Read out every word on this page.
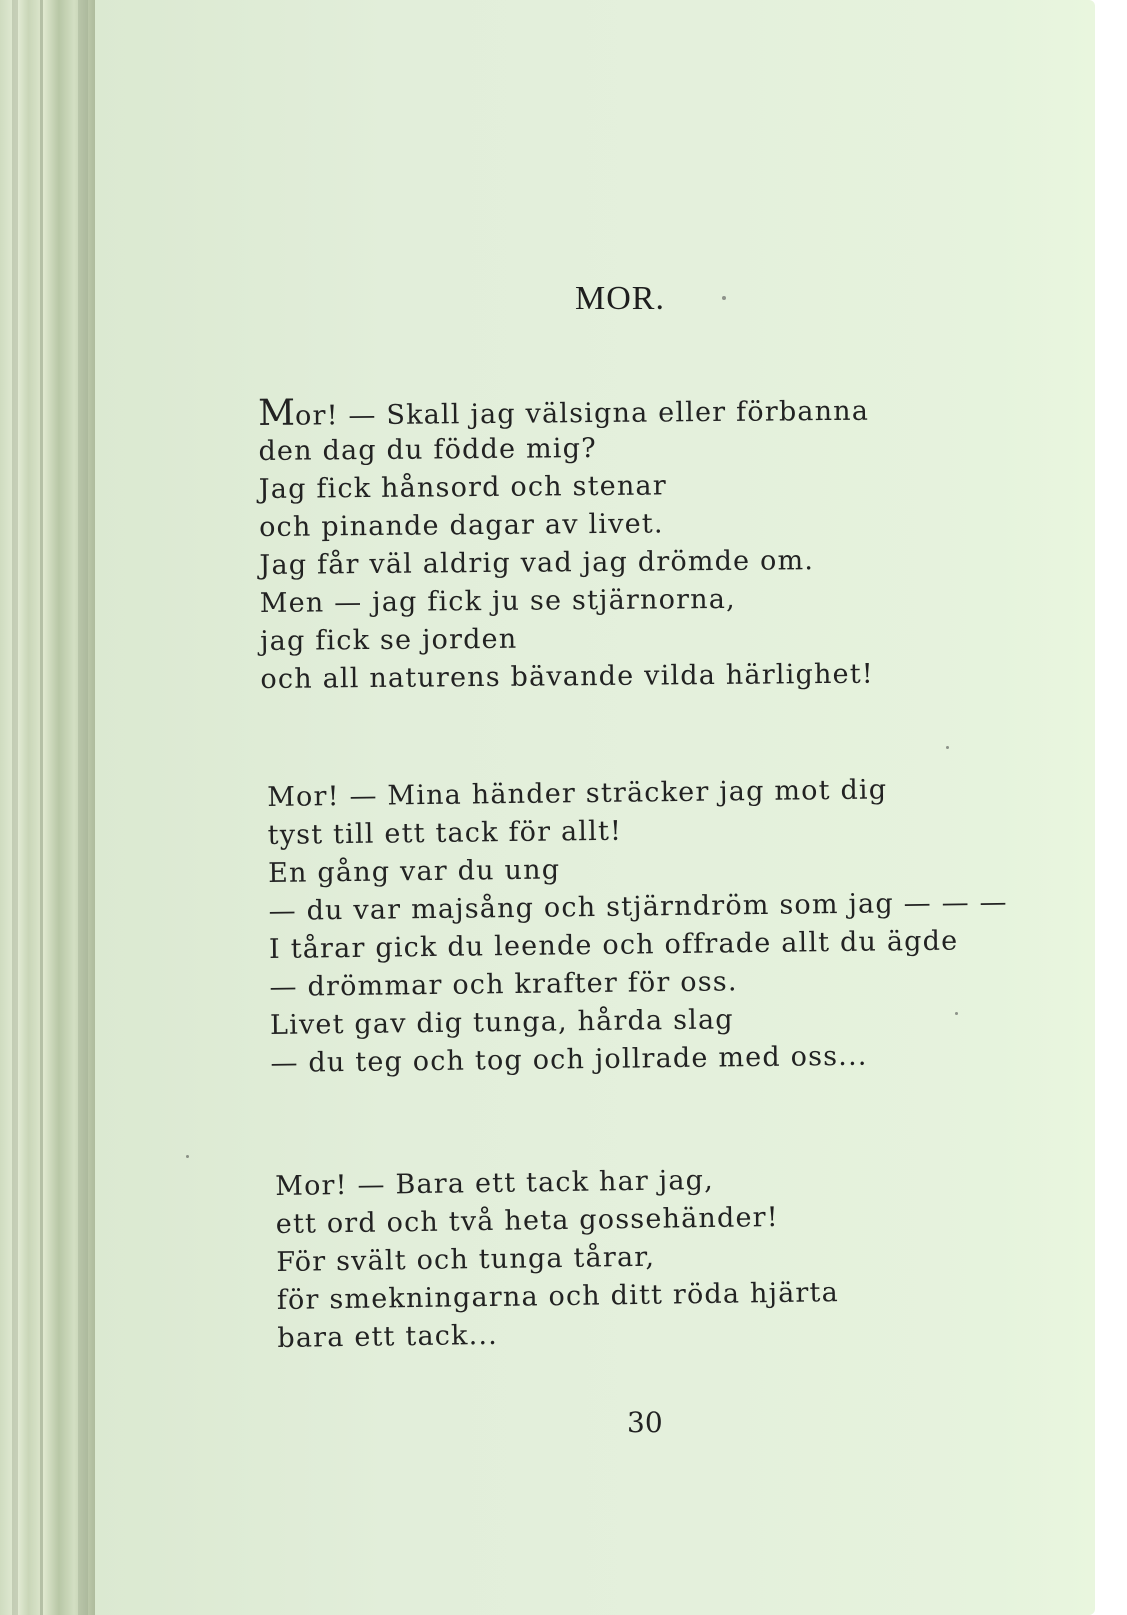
MOR.
Mor! — Skall jag välsigna eller förbanna
den dag du födde mig?
Jag fick hånsord och stenar
och pinande dagar av livet.
Jag får väl aldrig vad jag drömde om.
Men — jag fick ju se stjärnorna,
jag fick se jorden
och all naturens bävande vilda härlighet!
Mor! — Mina händer sträcker jag mot dig
tyst till ett tack för allt!
En gång var du ung
— du var majsång och stjärndröm som jag — — —
I tårar gick du leende och offrade allt du ägde
— drömmar och krafter för oss.
Livet gav dig tunga, hårda slag
— du teg och tog och jollrade med oss...
Mor! — Bara ett tack har jag,
ett ord och två heta gossehänder!
För svält och tunga tårar,
för smekningarna och ditt röda hjärta
bara ett tack...
30
